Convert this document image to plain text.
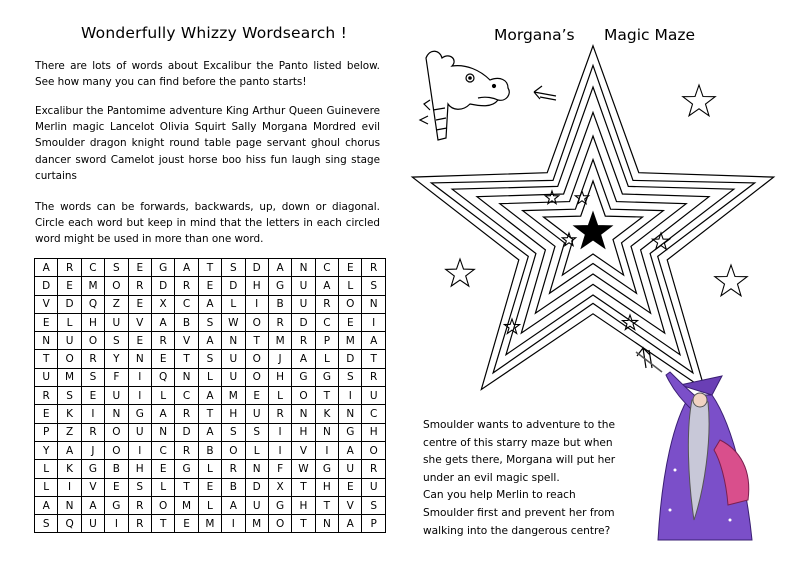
Wonderfully Whizzy Wordsearch !
There are lots of words about Excalibur the Panto listed below. See how many you can find before the panto starts!
Excalibur the Pantomime adventure King Arthur Queen Guinevere Merlin magic Lancelot Olivia Squirt Sally Morgana Mordred evil Smoulder dragon knight round table page servant ghoul chorus dancer sword Camelot joust horse boo hiss fun laugh sing stage curtains
The words can be forwards, backwards, up, down or diagonal. Circle each word but keep in mind that the letters in each circled word might be used in more than one word.
A	R	C	S	E	G	A	T	S	D	A	N	C	E	R
D	E	M	O	R	D	R	E	D	H	G	U	A	L	S
V	D	Q	Z	E	X	C	A	L	I	B	U	R	O	N
E	L	H	U	V	A	B	S	W	O	R	D	C	E	I
N	U	O	S	E	R	V	A	N	T	M	R	P	M	A
T	O	R	Y	N	E	T	S	U	O	J	A	L	D	T
U	M	S	F	I	Q	N	L	U	O	H	G	G	S	R
R	S	E	U	I	L	C	A	M	E	L	O	T	I	U
E	K	I	N	G	A	R	T	H	U	R	N	K	N	C
P	Z	R	O	U	N	D	A	S	S	I	H	N	G	H
Y	A	J	O	I	C	R	B	O	L	I	V	I	A	O
L	K	G	B	H	E	G	L	R	N	F	W	G	U	R
L	I	V	E	S	L	T	E	B	D	X	T	H	E	U
A	N	A	G	R	O	M	L	A	U	G	H	T	V	S
S	Q	U	I	R	T	E	M	I	M	O	T	N	A	P
Morgana’s Magic Maze
Smoulder wants to adventure to the
centre of this starry maze but when
she gets there, Morgana will put her
under an evil magic spell.
Can you help Merlin to reach
Smoulder first and prevent her from
walking into the dangerous centre?
